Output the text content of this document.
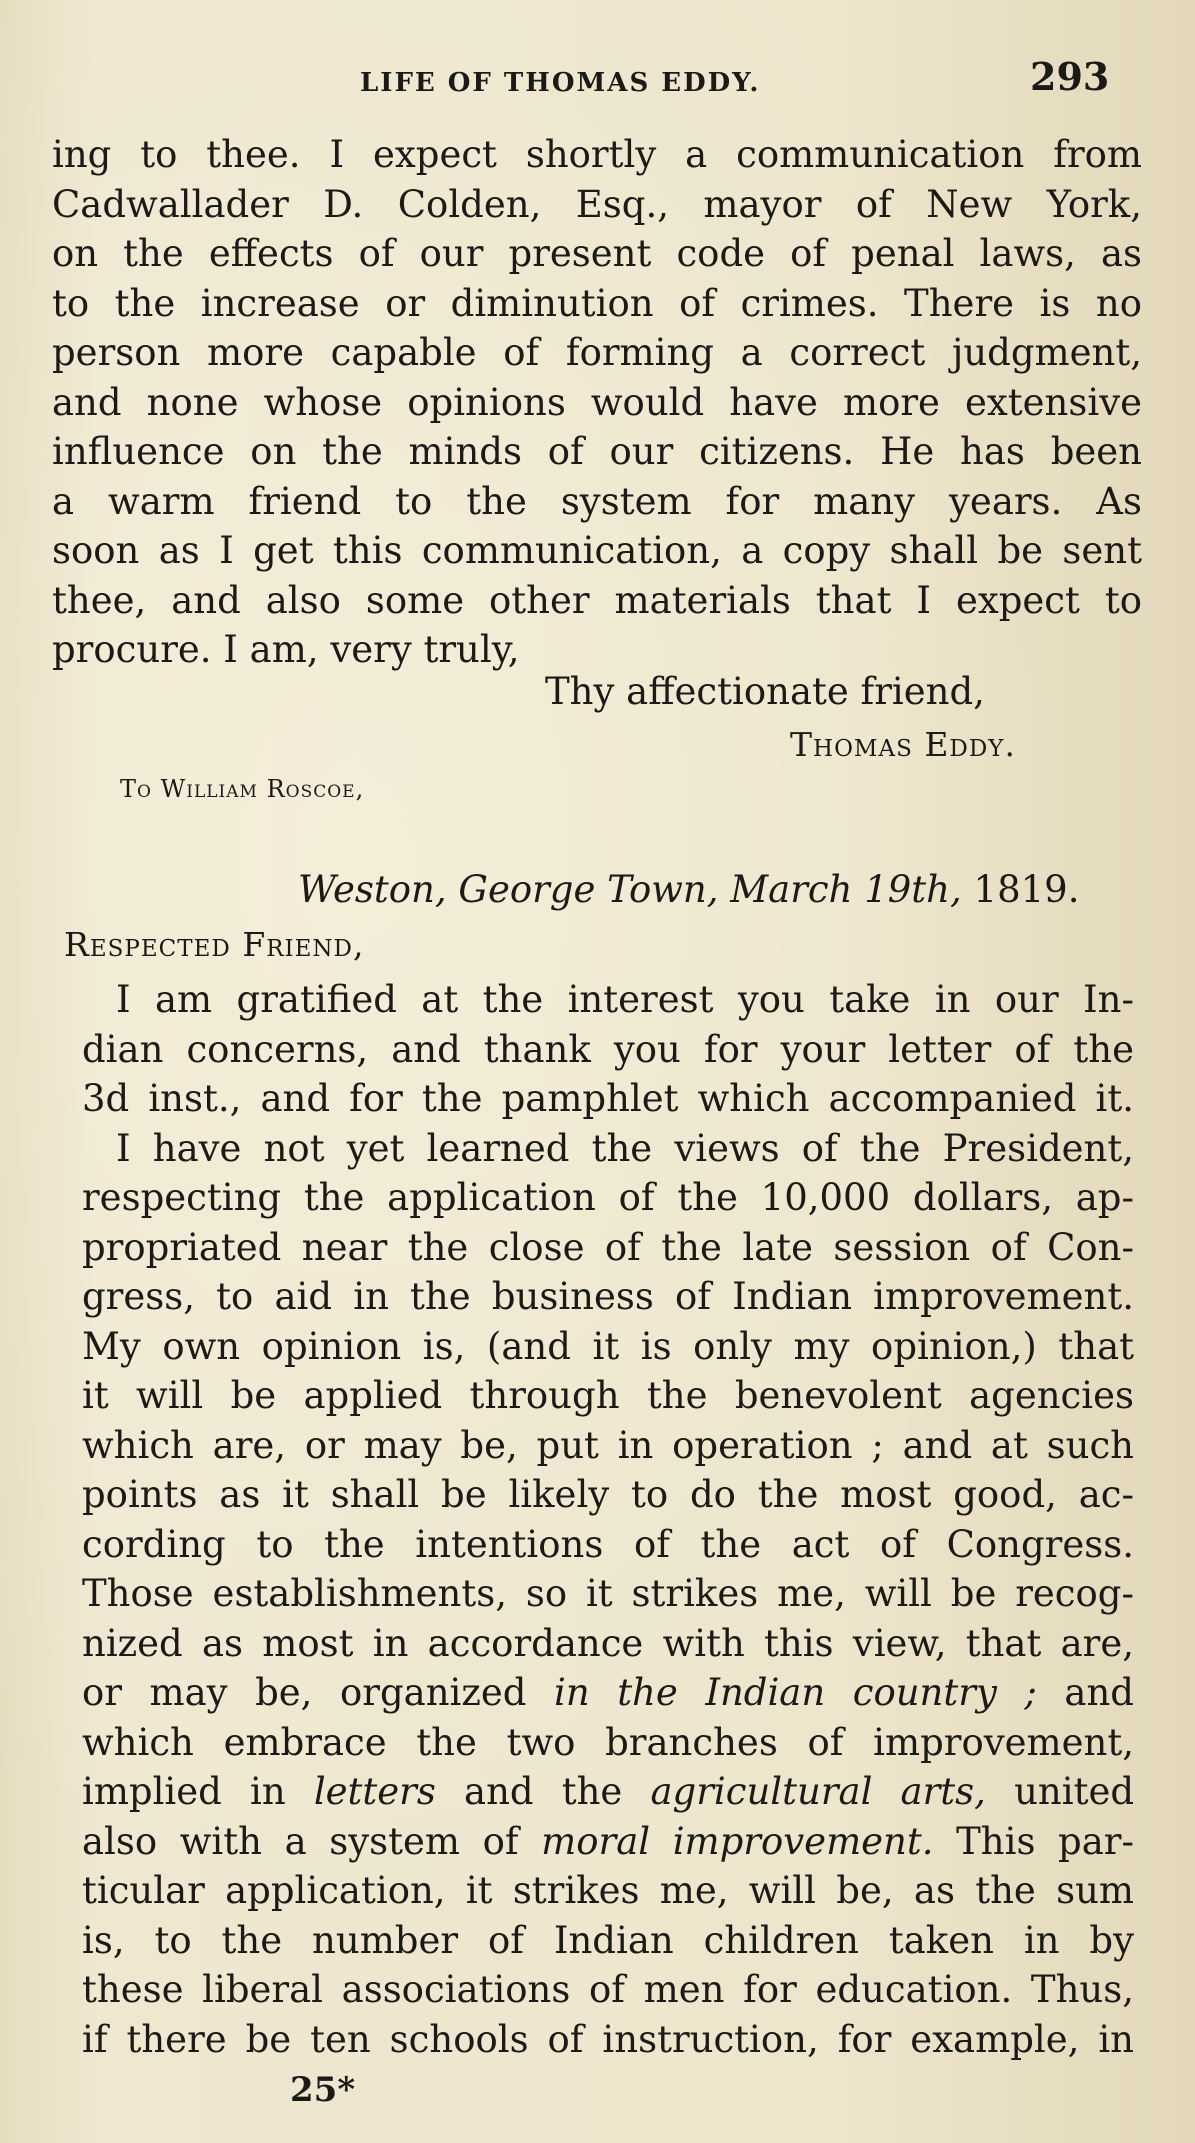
LIFE OF THOMAS EDDY.	293
ing to thee. I expect shortly a communication from
Cadwallader D. Colden, Esq., mayor of New York,
on the effects of our present code of penal laws, as
to the increase or diminution of crimes. There is no
person more capable of forming a correct judgment,
and none whose opinions would have more extensive
influence on the minds of our citizens. He has been
a warm friend to the system for many years. As
soon as I get this communication, a copy shall be sent
thee, and also some other materials that I expect to
procure. I am, very truly,
Thy affectionate friend,
Thomas Eddy.
To William Roscoe,
Weston, George Town, March 19th, 1819.
Respected Friend,
I am gratified at the interest you take in our In-
dian concerns, and thank you for your letter of the
3d inst., and for the pamphlet which accompanied it.
I have not yet learned the views of the President,
respecting the application of the 10,000 dollars, ap-
propriated near the close of the late session of Con-
gress, to aid in the business of Indian improvement.
My own opinion is, (and it is only my opinion,) that
it will be applied through the benevolent agencies
which are, or may be, put in operation ; and at such
points as it shall be likely to do the most good, ac-
cording to the intentions of the act of Congress.
Those establishments, so it strikes me, will be recog-
nized as most in accordance with this view, that are,
or may be, organized in the Indian country ; and
which embrace the two branches of improvement,
implied in letters and the agricultural arts, united
also with a system of moral improvement. This par-
ticular application, it strikes me, will be, as the sum
is, to the number of Indian children taken in by
these liberal associations of men for education. Thus,
if there be ten schools of instruction, for example, in
25*
